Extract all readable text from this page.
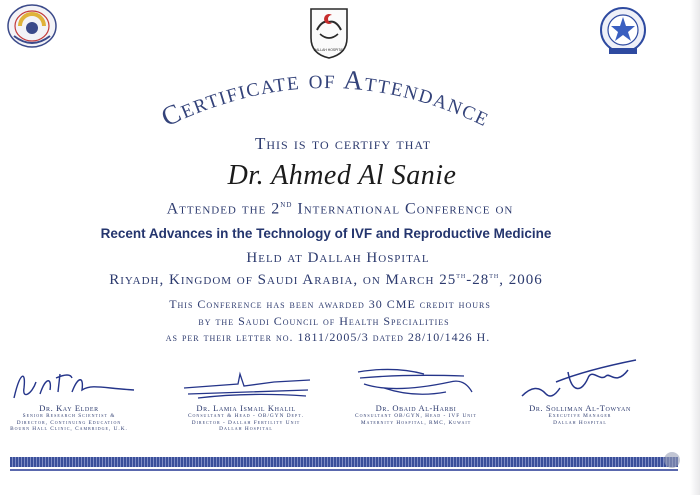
DALLAH HOSPITAL
Certificate of Attendance
This is to certify that
Dr. Ahmed Al Sanie
Attended the 2nd International Conference on
Recent Advances in the Technology of IVF and Reproductive Medicine
Held at Dallah Hospital
Riyadh, Kingdom of Saudi Arabia, on March 25th-28th, 2006
This Conference has been awarded 30 CME credit hours
by the Saudi Council of Health Specialities
as per their letter no. 1811/2005/3 dated 28/10/1426 H.
Dr. Kay Elder
Senior Research Scientist &
Director, Continuing Education
Bourn Hall Clinic, Cambridge, U.K.
Dr. Lamia Ismail Khalil
Consultant & Head - OB/GYN Dept.
Director - Dallah Fertility Unit
Dallah Hospital
Dr. Obaid Al-Harbi
Consultant OB/GYN, Head - IVF Unit
Maternity Hospital, RMC, Kuwait
Dr. Solliman Al-Towyan
Executive Manager
Dallah Hospital
